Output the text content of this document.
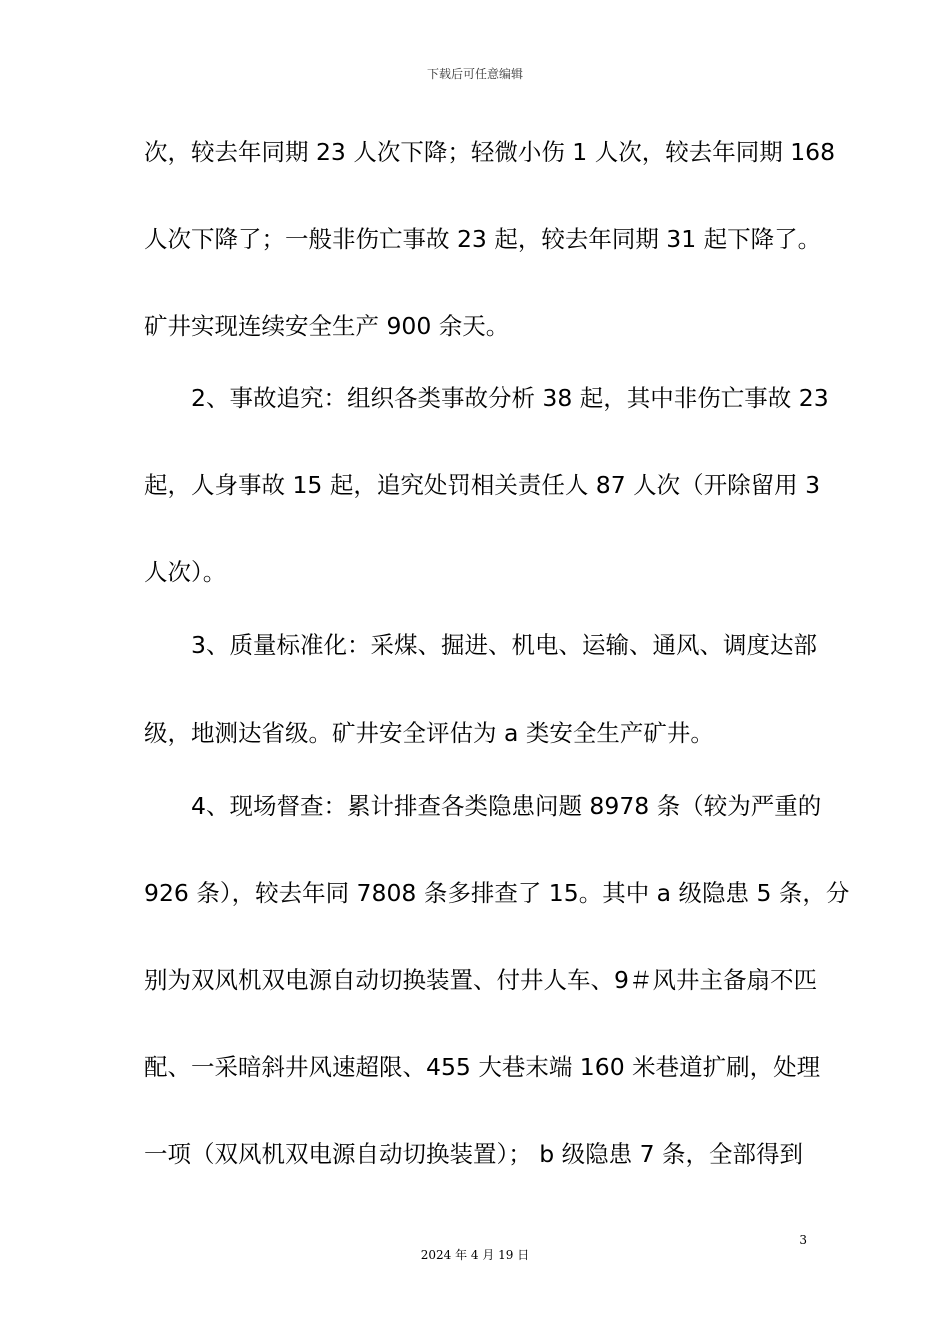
下载后可任意编辑
次，较去年同期 23 人次下降；轻微小伤 1 人次，较去年同期 168
人次下降了；一般非伤亡事故 23 起，较去年同期 31 起下降了。
矿井实现连续安全生产 900 余天。
　　2、事故追究：组织各类事故分析 38 起，其中非伤亡事故 23
起，人身事故 15 起，追究处罚相关责任人 87 人次（开除留用 3
人次）。
　　3、质量标准化：采煤、掘进、机电、运输、通风、调度达部
级，地测达省级。矿井安全评估为 a 类安全生产矿井。
　　4、现场督查：累计排查各类隐患问题 8978 条（较为严重的
926 条），较去年同 7808 条多排查了 15。其中 a 级隐患 5 条，分
别为双风机双电源自动切换装置、付井人车、9＃风井主备扇不匹
配、一采暗斜井风速超限、455 大巷末端 160 米巷道扩刷，处理
一项（双风机双电源自动切换装置）； b 级隐患 7 条，全部得到
3
2024 年 4 月 19 日
